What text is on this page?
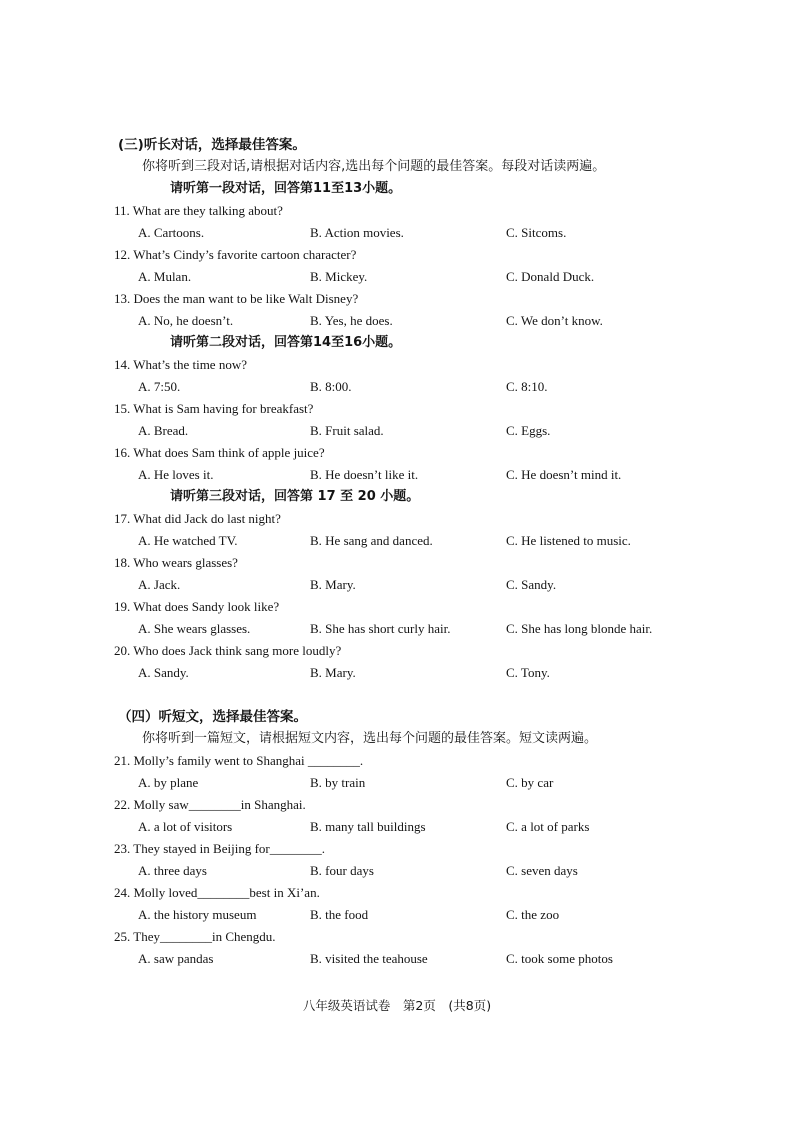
(三)听长对话，选择最佳答案。
你将听到三段对话,请根据对话内容,选出每个问题的最佳答案。每段对话读两遍。
请听第一段对话，回答第11至13小题。
11. What are they talking about?
A. Cartoons.	B. Action movies.	C. Sitcoms.
12. What’s Cindy’s favorite cartoon character?
A. Mulan.	B. Mickey.	C. Donald Duck.
13. Does the man want to be like Walt Disney?
A. No, he doesn’t.	B. Yes, he does.	C. We don’t know.
请听第二段对话，回答第14至16小题。
14. What’s the time now?
A. 7:50.	B. 8:00.	C. 8:10.
15. What is Sam having for breakfast?
A. Bread.	B. Fruit salad.	C. Eggs.
16. What does Sam think of apple juice?
A. He loves it.	B. He doesn’t like it.	C. He doesn’t mind it.
请听第三段对话，回答第 17 至 20 小题。
17. What did Jack do last night?
A. He watched TV.	B. He sang and danced.	C. He listened to music.
18. Who wears glasses?
A. Jack.	B. Mary.	C. Sandy.
19. What does Sandy look like?
A. She wears glasses.	B. She has short curly hair.	C. She has long blonde hair.
20. Who does Jack think sang more loudly?
A. Sandy.	B. Mary.	C. Tony.
（四）听短文，选择最佳答案。
你将听到一篇短文，请根据短文内容，选出每个问题的最佳答案。短文读两遍。
21. Molly’s family went to Shanghai ________.
A. by plane	B. by train	C. by car
22. Molly saw________in Shanghai.
A. a lot of visitors	B. many tall buildings	C. a lot of parks
23. They stayed in Beijing for________.
A. three days	B. four days	C. seven days
24. Molly loved________best in Xi’an.
A. the history museum	B. the food	C. the zoo
25. They________in Chengdu.
A. saw pandas	B. visited the teahouse	C. took some photos
八年级英语试卷　第2页　(共8页)
